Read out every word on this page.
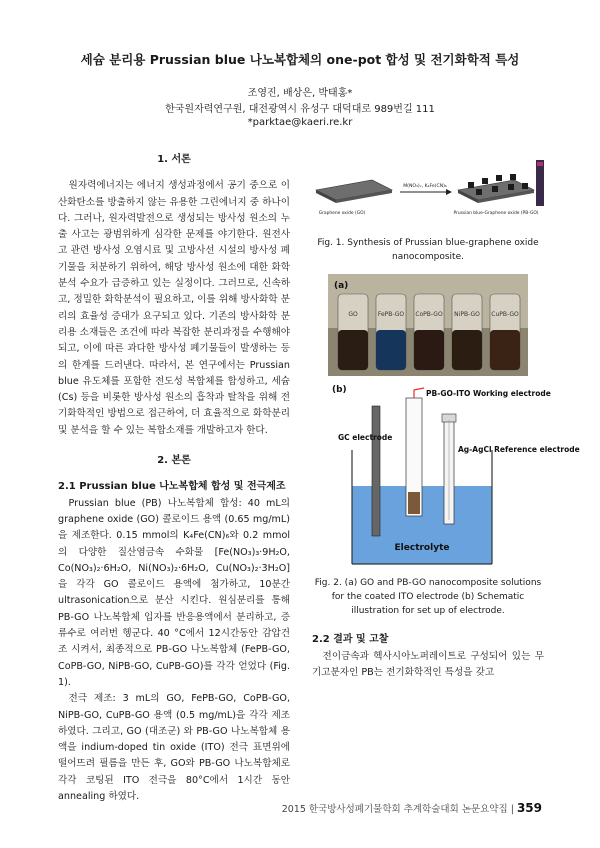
세슘 분리용 Prussian blue 나노복합체의 one-pot 합성 및 전기화학적 특성
조영진, 배상은, 박태홍*
한국원자력연구원, 대전광역시 유성구 대덕대로 989번길 111
*parktae@kaeri.re.kr
1. 서론

원자력에너지는 에너지 생성과정에서 공기 중으로 이산화탄소를 방출하지 않는 유용한 그린에너지 중 하나이다. 그러나, 원자력발전으로 생성되는 방사성 원소의 누출 사고는 광범위하게 심각한 문제를 야기한다. 원전사고 관련 방사성 오염시료 및 고방사선 시설의 방사성 폐기물을 처분하기 위하여, 해당 방사성 원소에 대한 화학분석 수요가 급증하고 있는 실정이다. 그러므로, 신속하고, 정밀한 화학분석이 필요하고, 이를 위해 방사화학 분리의 효율성 증대가 요구되고 있다. 기존의 방사화학 분리용 소재들은 조건에 따라 복잡한 분리과정을 수행해야 되고, 이에 따른 과다한 방사성 폐기물들이 발생하는 등의 한계를 드러낸다. 따라서, 본 연구에서는 Prussian blue 유도체를 포함한 전도성 복합체를 합성하고, 세슘 (Cs) 등을 비롯한 방사성 원소의 흡착과 탈착을 위해 전기화학적인 방법으로 접근하여, 더 효율적으로 화학분리 및 분석을 할 수 있는 복합소재를 개발하고자 한다.

2. 본론
2.1 Prussian blue 나노복합체 합성 및 전극제조

Prussian blue (PB) 나노복합체 합성: 40 mL의 graphene oxide (GO) 콜로이드 용액 (0.65 mg/mL)을 제조한다. 0.15 mmol의 K₄Fe(CN)₆와 0.2 mmol의 다양한 질산염금속 수화물 [Fe(NO₃)₃·9H₂O, Co(NO₃)₂·6H₂O, Ni(NO₃)₂·6H₂O, Cu(NO₃)₂·3H₂O]을 각각 GO 콜로이드 용액에 첨가하고, 10분간 ultrasonication으로 분산 시킨다. 원심분리를 통해 PB-GO 나노복합체 입자를 반응용액에서 분리하고, 증류수로 여러번 헹군다. 40 °C에서 12시간동안 감압건조 시켜서, 최종적으로 PB-GO 나노복합체 (FePB-GO, CoPB-GO, NiPB-GO, CuPB-GO)를 각각 얻었다 (Fig. 1).

전극 제조: 3 mL의 GO, FePB-GO, CoPB-GO, NiPB-GO, CuPB-GO 용액 (0.5 mg/mL)을 각각 제조하였다. 그리고, GO (대조군) 와 PB-GO 나노복합체 용액을 indium-doped tin oxide (ITO) 전극 표면위에 떨어뜨려 필름을 만든 후, GO와 PB-GO 나노복합체로 각각 코팅된 ITO 전극을 80°C에서 1시간 동안 annealing 하였다.

Graphene oxide (GO)
M(NO₃)ₓ, K₄Fe(CN)₆
Prussian blue-Graphene oxide (PB-GO)

Fig. 1. Synthesis of Prussian blue-graphene oxide nanocomposite.

(a)
GO	FePB-GO CoPB-GO NiPB-GO CuPB-GO
(b)
Electrolyte
GC electrode
PB-GO-ITO Working electrode
Ag-AgCl Reference electrode

Fig. 2. (a) GO and PB-GO nanocomposite solutions for the coated ITO electrode (b) Schematic illustration for set up of electrode.

2.2 결과 및 고찰

전이금속과 헥사시아노퍼레이트로 구성되어 있는 무기고분자인 PB는 전기화학적인 특성을 갖고

2015 한국방사성폐기물학회 추계학술대회 논문요약집 | 359
